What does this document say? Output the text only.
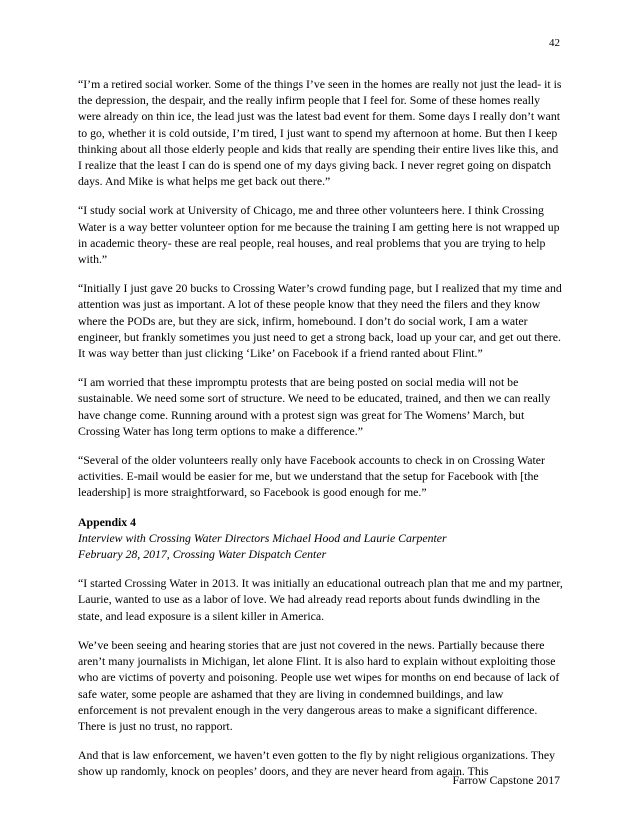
42

“I’m a retired social worker. Some of the things I’ve seen in the homes are really not just the lead- it is the depression, the despair, and the really infirm people that I feel for. Some of these homes really were already on thin ice, the lead just was the latest bad event for them. Some days I really don’t want to go, whether it is cold outside, I’m tired, I just want to spend my afternoon at home. But then I keep thinking about all those elderly people and kids that really are spending their entire lives like this, and I realize that the least I can do is spend one of my days giving back. I never regret going on dispatch days. And Mike is what helps me get back out there.”

“I study social work at University of Chicago, me and three other volunteers here. I think Crossing Water is a way better volunteer option for me because the training I am getting here is not wrapped up in academic theory- these are real people, real houses, and real problems that you are trying to help with.”

“Initially I just gave 20 bucks to Crossing Water’s crowd funding page, but I realized that my time and attention was just as important. A lot of these people know that they need the filers and they know where the PODs are, but they are sick, infirm, homebound. I don’t do social work, I am a water engineer, but frankly sometimes you just need to get a strong back, load up your car, and get out there. It was way better than just clicking ‘Like’ on Facebook if a friend ranted about Flint.”

“I am worried that these impromptu protests that are being posted on social media will not be sustainable. We need some sort of structure. We need to be educated, trained, and then we can really have change come. Running around with a protest sign was great for The Womens’ March, but Crossing Water has long term options to make a difference.”

“Several of the older volunteers really only have Facebook accounts to check in on Crossing Water activities. E-mail would be easier for me, but we understand that the setup for Facebook with [the leadership] is more straightforward, so Facebook is good enough for me.”

Appendix 4
Interview with Crossing Water Directors Michael Hood and Laurie Carpenter
February 28, 2017, Crossing Water Dispatch Center

“I started Crossing Water in 2013. It was initially an educational outreach plan that me and my partner, Laurie, wanted to use as a labor of love. We had already read reports about funds dwindling in the state, and lead exposure is a silent killer in America.

We’ve been seeing and hearing stories that are just not covered in the news. Partially because there aren’t many journalists in Michigan, let alone Flint. It is also hard to explain without exploiting those who are victims of poverty and poisoning. People use wet wipes for months on end because of lack of safe water, some people are ashamed that they are living in condemned buildings, and law enforcement is not prevalent enough in the very dangerous areas to make a significant difference. There is just no trust, no rapport.

And that is law enforcement, we haven’t even gotten to the fly by night religious organizations. They show up randomly, knock on peoples’ doors, and they are never heard from again. This

Farrow Capstone 2017
